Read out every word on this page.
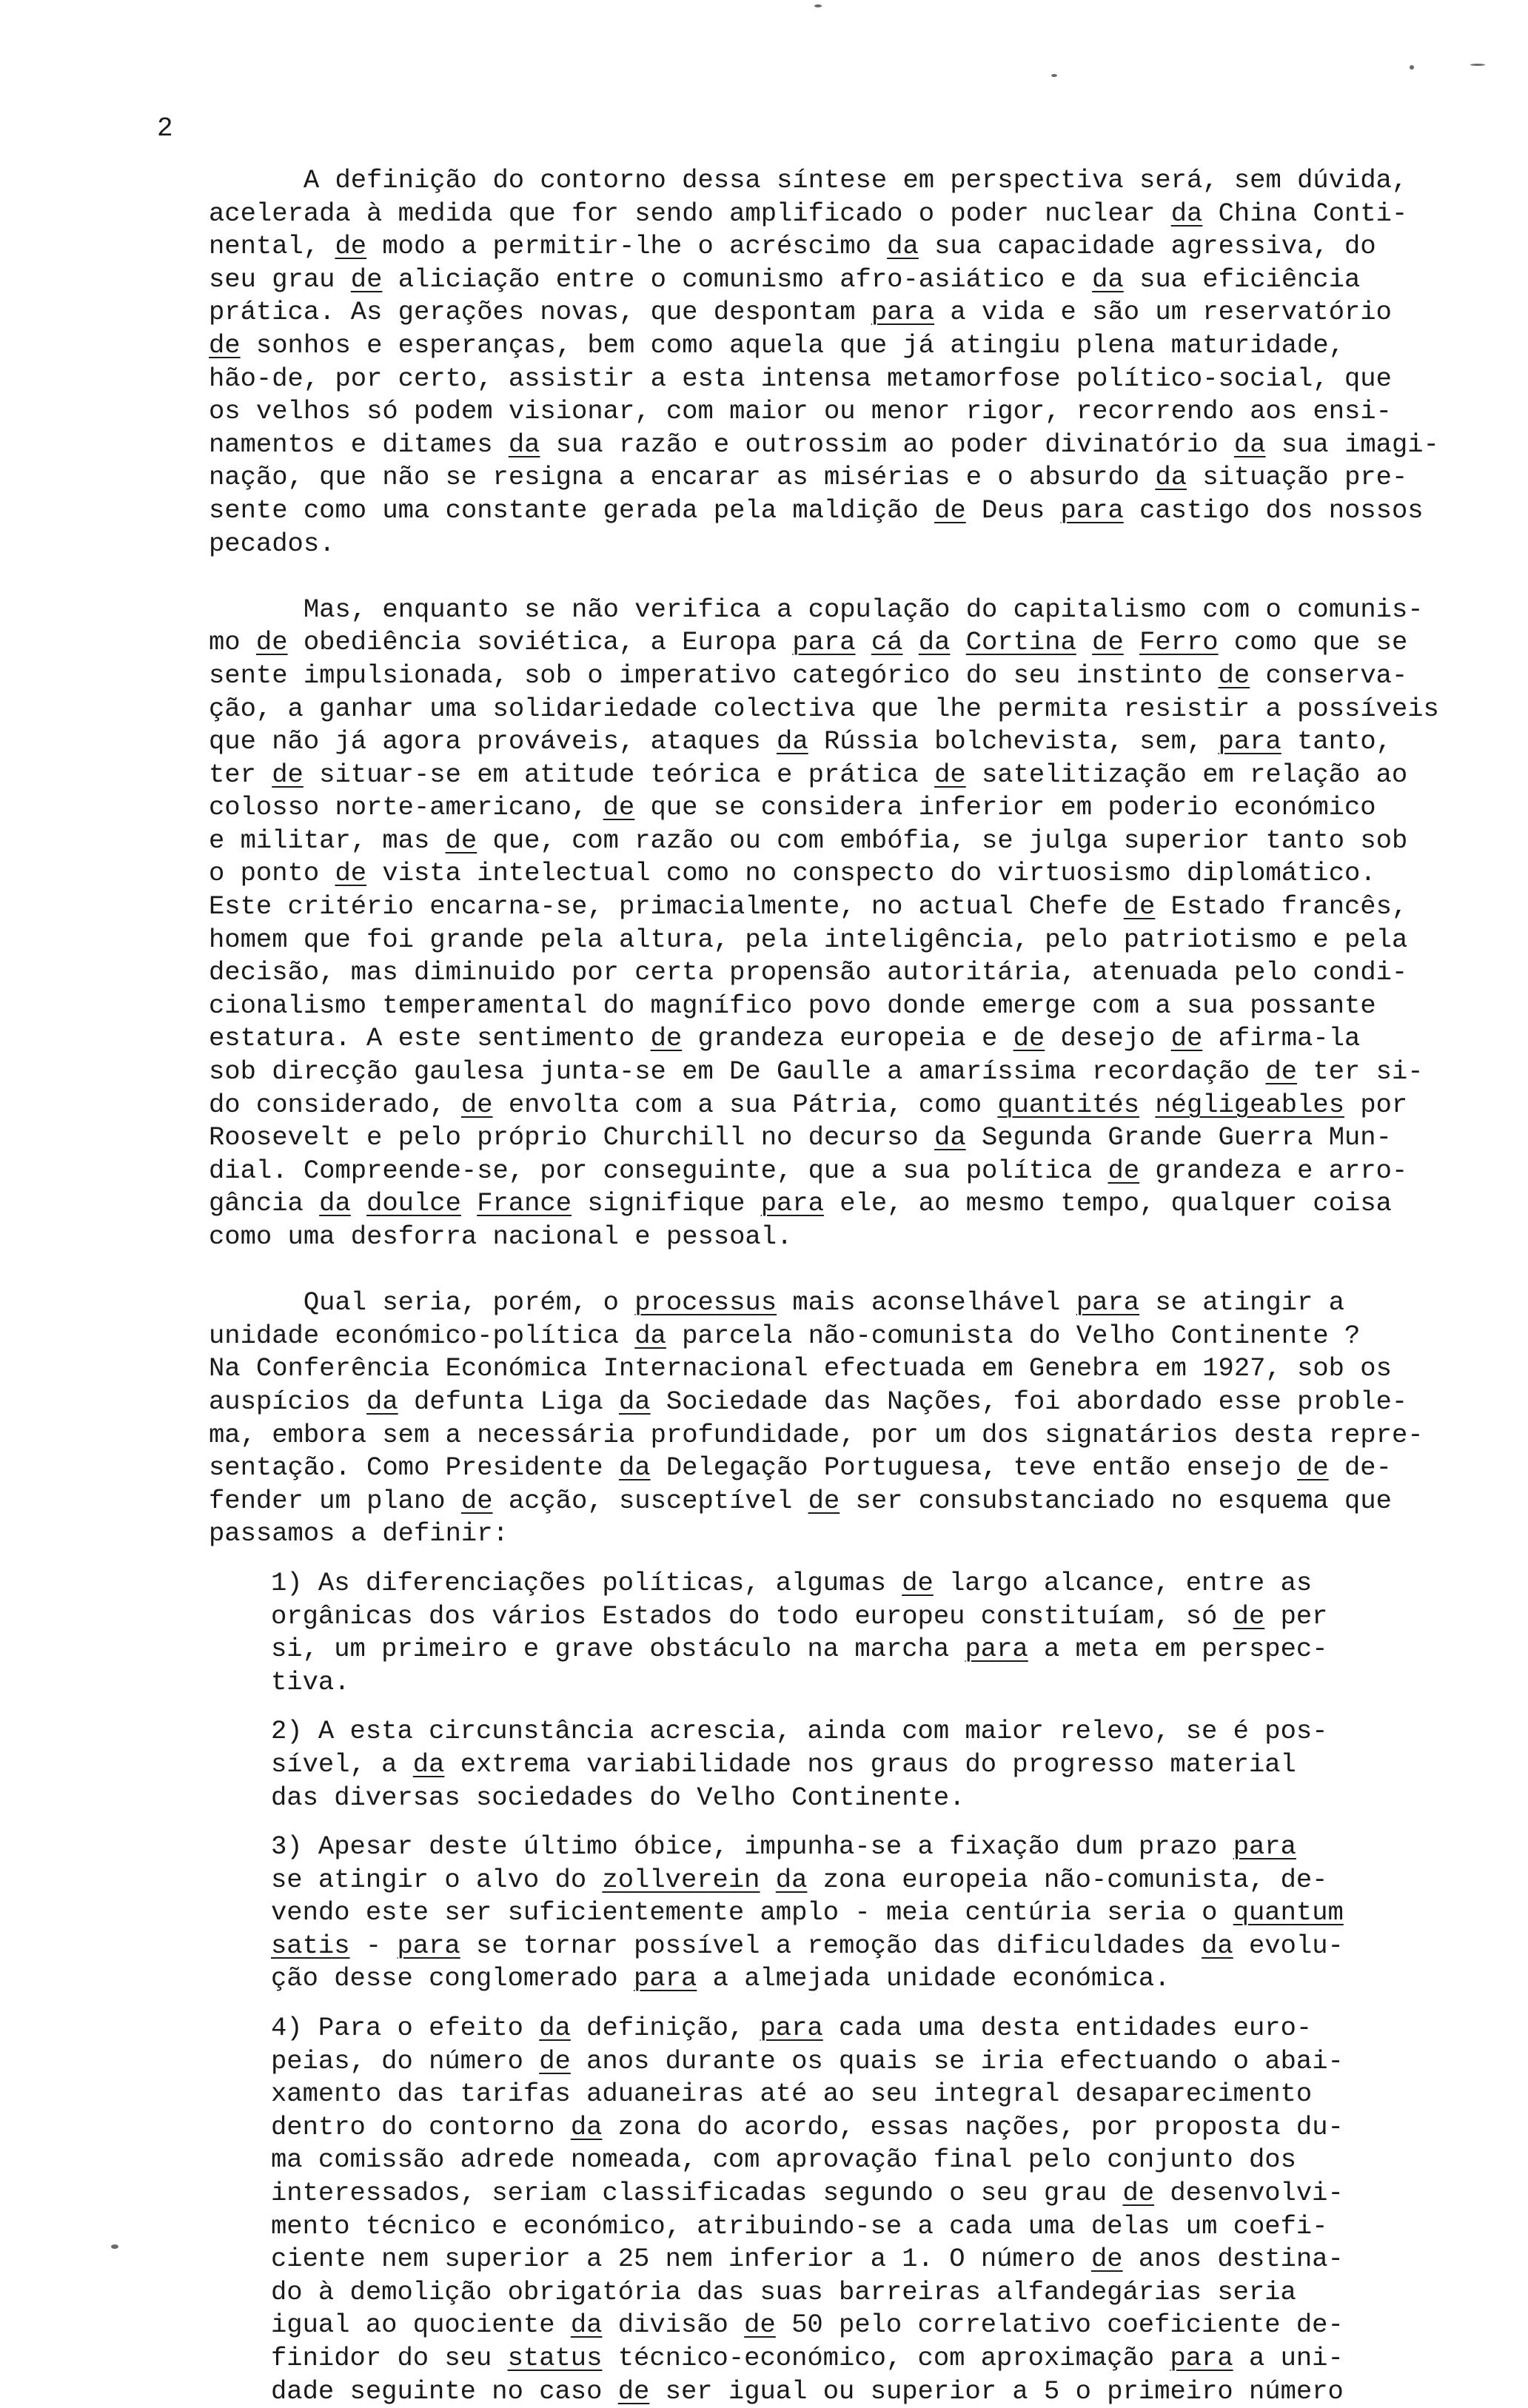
2
A definição do contorno dessa síntese em perspectiva será, sem dúvida,
acelerada à medida que for sendo amplificado o poder nuclear da China Conti-
nental, de modo a permitir-lhe o acréscimo da sua capacidade agressiva, do
seu grau de aliciação entre o comunismo afro-asiático e da sua eficiência
prática. As gerações novas, que despontam para a vida e são um reservatório
de sonhos e esperanças, bem como aquela que já atingiu plena maturidade,
hão-de, por certo, assistir a esta intensa metamorfose político-social, que
os velhos só podem visionar, com maior ou menor rigor, recorrendo aos ensi-
namentos e ditames da sua razão e outrossim ao poder divinatório da sua imagi-
nação, que não se resigna a encarar as misérias e o absurdo da situação pre-
sente como uma constante gerada pela maldição de Deus para castigo dos nossos
pecados.
Mas, enquanto se não verifica a copulação do capitalismo com o comunis-
mo de obediência soviética, a Europa para cá da Cortina de Ferro como que se
sente impulsionada, sob o imperativo categórico do seu instinto de conserva-
ção, a ganhar uma solidariedade colectiva que lhe permita resistir a possíveis
que não já agora prováveis, ataques da Rússia bolchevista, sem, para tanto,
ter de situar-se em atitude teórica e prática de satelitização em relação ao
colosso norte-americano, de que se considera inferior em poderio económico
e militar, mas de que, com razão ou com embófia, se julga superior tanto sob
o ponto de vista intelectual como no conspecto do virtuosismo diplomático.
Este critério encarna-se, primacialmente, no actual Chefe de Estado francês,
homem que foi grande pela altura, pela inteligência, pelo patriotismo e pela
decisão, mas diminuido por certa propensão autoritária, atenuada pelo condi-
cionalismo temperamental do magnífico povo donde emerge com a sua possante
estatura. A este sentimento de grandeza europeia e de desejo de afirma-la
sob direcção gaulesa junta-se em De Gaulle a amaríssima recordação de ter si-
do considerado, de envolta com a sua Pátria, como quantités négligeables por
Roosevelt e pelo próprio Churchill no decurso da Segunda Grande Guerra Mun-
dial. Compreende-se, por conseguinte, que a sua política de grandeza e arro-
gância da doulce France signifique para ele, ao mesmo tempo, qualquer coisa
como uma desforra nacional e pessoal.
Qual seria, porém, o processus mais aconselhável para se atingir a
unidade económico-política da parcela não-comunista do Velho Continente ?
Na Conferência Económica Internacional efectuada em Genebra em 1927, sob os
auspícios da defunta Liga da Sociedade das Nações, foi abordado esse proble-
ma, embora sem a necessária profundidade, por um dos signatários desta repre-
sentação. Como Presidente da Delegação Portuguesa, teve então ensejo de de-
fender um plano de acção, susceptível de ser consubstanciado no esquema que
passamos a definir:
1) As diferenciações políticas, algumas de largo alcance, entre as
orgânicas dos vários Estados do todo europeu constituíam, só de per
si, um primeiro e grave obstáculo na marcha para a meta em perspec-
tiva.
2) A esta circunstância acrescia, ainda com maior relevo, se é pos-
sível, a da extrema variabilidade nos graus do progresso material
das diversas sociedades do Velho Continente.
3) Apesar deste último óbice, impunha-se a fixação dum prazo para
se atingir o alvo do zollverein da zona europeia não-comunista, de-
vendo este ser suficientemente amplo - meia centúria seria o quantum
satis - para se tornar possível a remoção das dificuldades da evolu-
ção desse conglomerado para a almejada unidade económica.
4) Para o efeito da definição, para cada uma desta entidades euro-
peias, do número de anos durante os quais se iria efectuando o abai-
xamento das tarifas aduaneiras até ao seu integral desaparecimento
dentro do contorno da zona do acordo, essas nações, por proposta du-
ma comissão adrede nomeada, com aprovação final pelo conjunto dos
interessados, seriam classificadas segundo o seu grau de desenvolvi-
mento técnico e económico, atribuindo-se a cada uma delas um coefi-
ciente nem superior a 25 nem inferior a 1. O número de anos destina-
do à demolição obrigatória das suas barreiras alfandegárias seria
igual ao quociente da divisão de 50 pelo correlativo coeficiente de-
finidor do seu status técnico-económico, com aproximação para a uni-
dade seguinte no caso de ser igual ou superior a 5 o primeiro número
